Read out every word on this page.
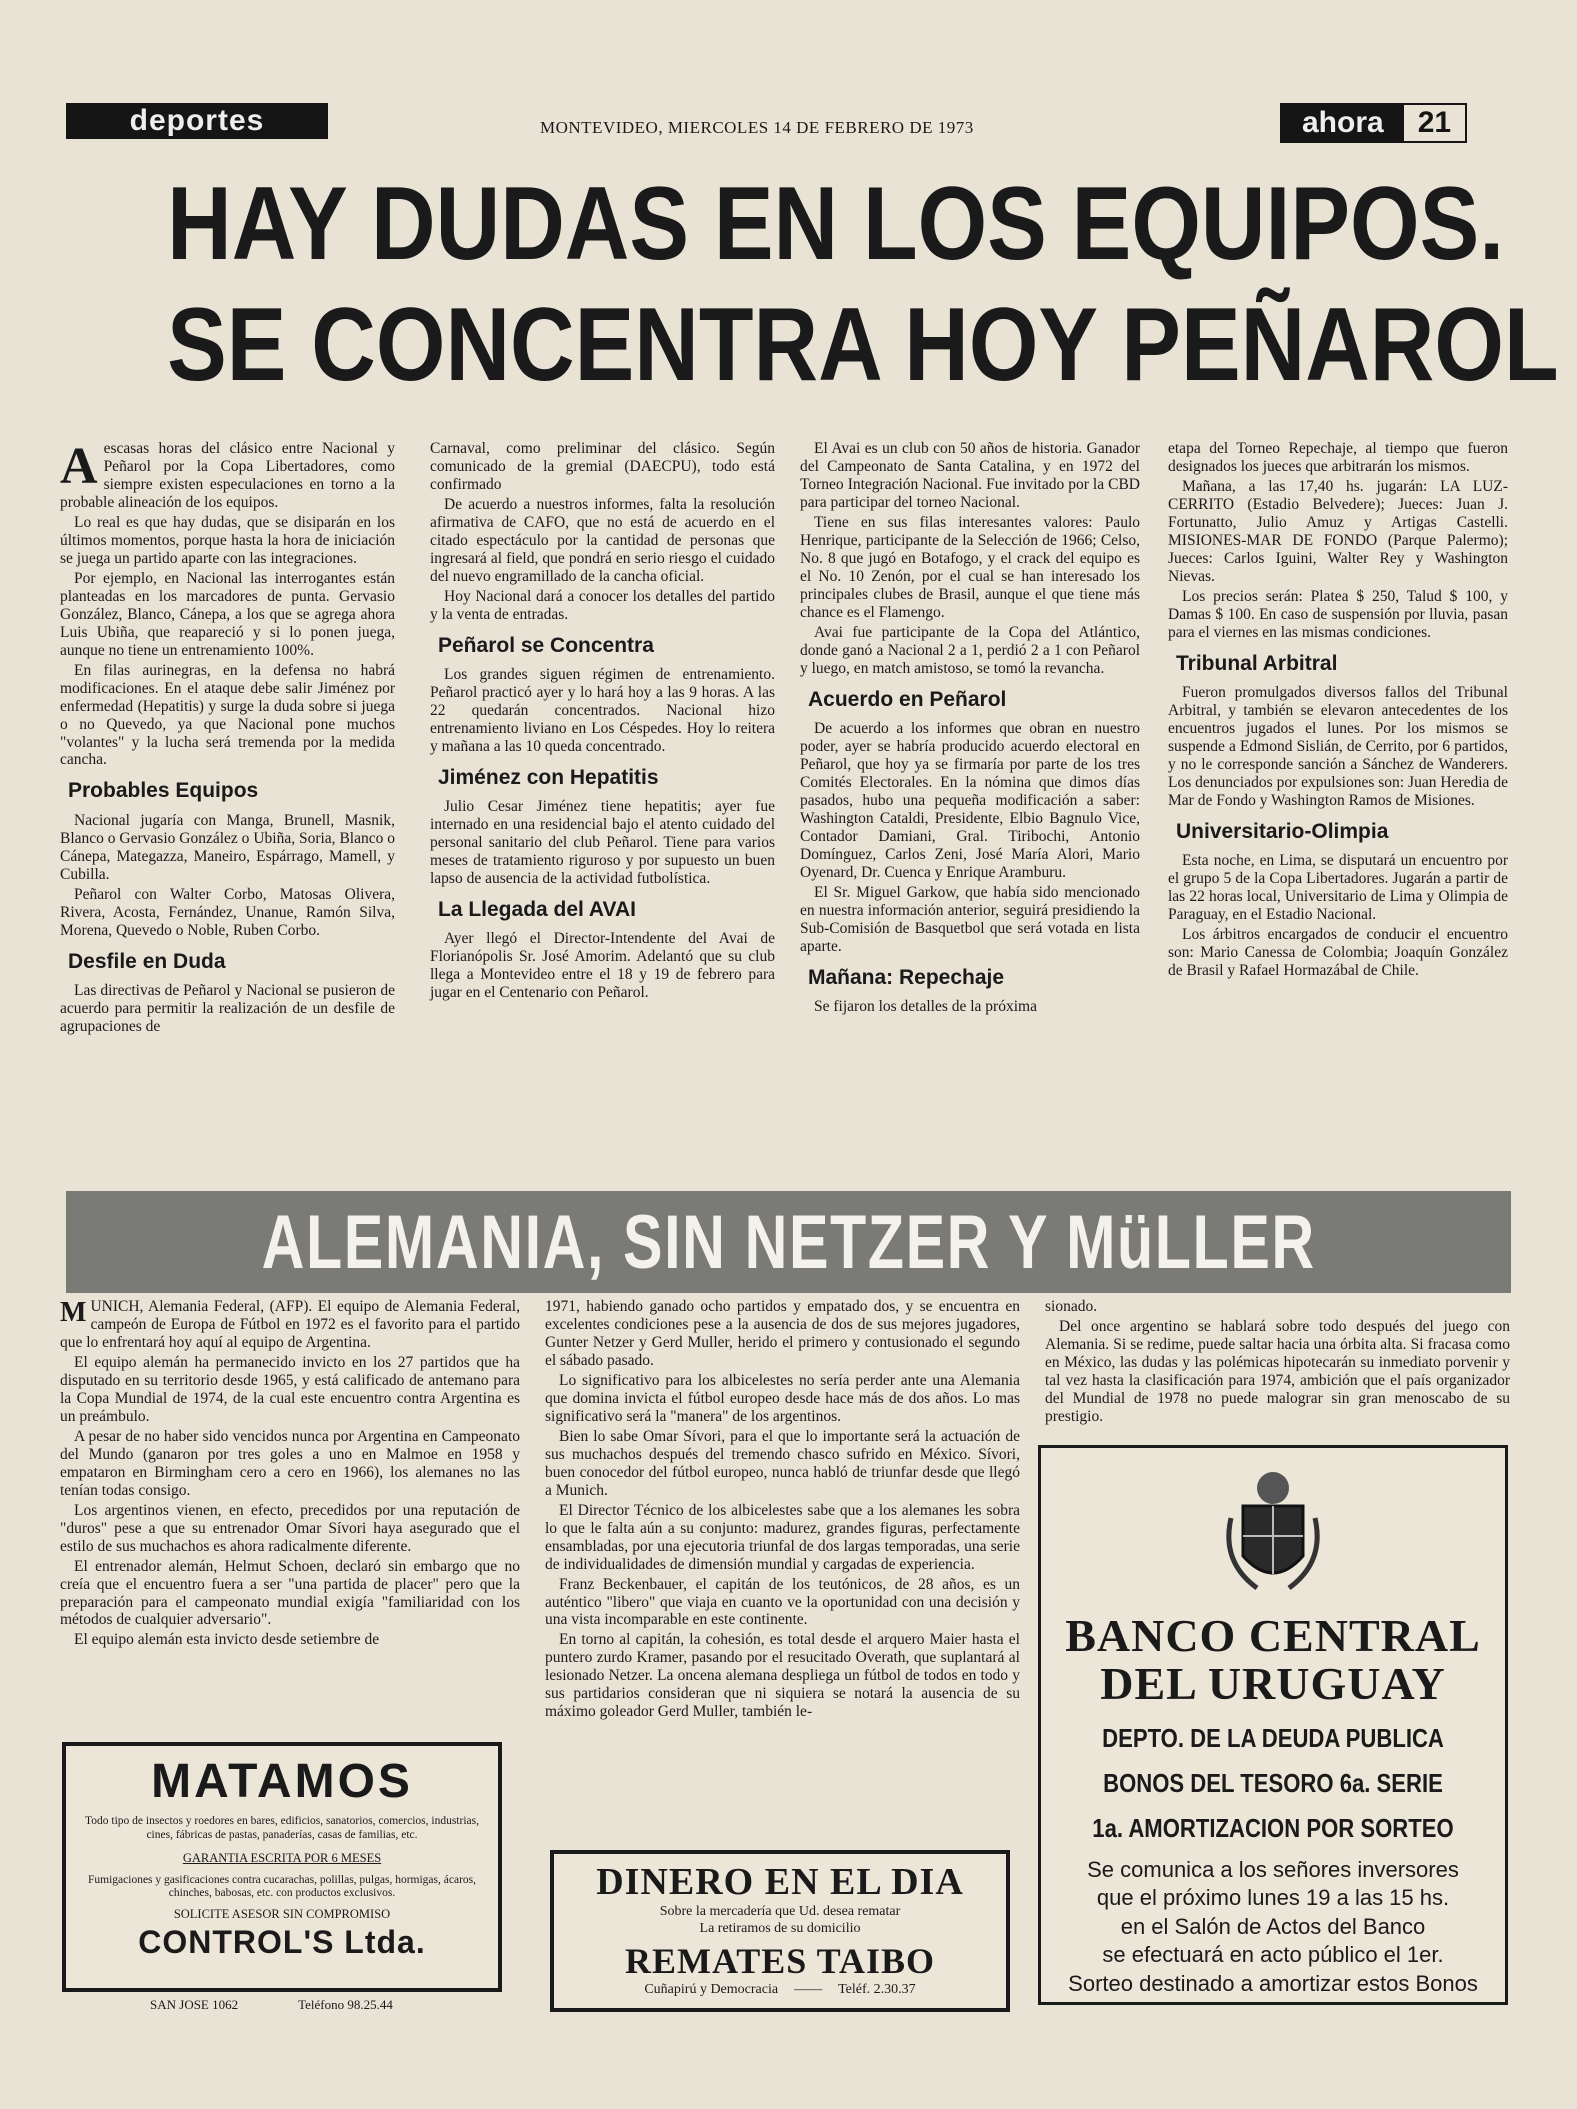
deportes	MONTEVIDEO, MIERCOLES 14 DE FEBRERO DE 1973	ahora	21
HAY DUDAS EN LOS EQUIPOS.
SE CONCENTRA HOY PEÑAROL

Aescasas horas del clásico entre Nacional y Peñarol por la Copa Libertadores, como siempre existen especulaciones en torno a la probable alineación de los equipos.

Lo real es que hay dudas, que se disiparán en los últimos momentos, porque hasta la hora de iniciación se juega un partido aparte con las integraciones.

Por ejemplo, en Nacional las interrogantes están planteadas en los marcadores de punta. Gervasio González, Blanco, Cánepa, a los que se agrega ahora Luis Ubiña, que reapareció y si lo ponen juega, aunque no tiene un entrenamiento 100%.

En filas aurinegras, en la defensa no habrá modificaciones. En el ataque debe salir Jiménez por enfermedad (Hepatitis) y surge la duda sobre si juega o no Quevedo, ya que Nacional pone muchos "volantes" y la lucha será tremenda por la medida cancha.

Probables Equipos

Nacional jugaría con Manga, Brunell, Masnik, Blanco o Gervasio González o Ubiña, Soria, Blanco o Cánepa, Mategazza, Maneiro, Espárrago, Mamell, y Cubilla.

Peñarol con Walter Corbo, Matosas Olivera, Rivera, Acosta, Fernández, Unanue, Ramón Silva, Morena, Quevedo o Noble, Ruben Corbo.

Desfile en Duda

Las directivas de Peñarol y Nacional se pusieron de acuerdo para permitir la realización de un desfile de agrupaciones de

Carnaval, como preliminar del clásico. Según comunicado de la gremial (DAECPU), todo está confirmado

De acuerdo a nuestros informes, falta la resolución afirmativa de CAFO, que no está de acuerdo en el citado espectáculo por la cantidad de personas que ingresará al field, que pondrá en serio riesgo el cuidado del nuevo engramillado de la cancha oficial.

Hoy Nacional dará a conocer los detalles del partido y la venta de entradas.

Peñarol se Concentra

Los grandes siguen régimen de entrenamiento. Peñarol practicó ayer y lo hará hoy a las 9 horas. A las 22 quedarán concentrados. Nacional hizo entrenamiento liviano en Los Céspedes. Hoy lo reitera y mañana a las 10 queda concentrado.

Jiménez con Hepatitis

Julio Cesar Jiménez tiene hepatitis; ayer fue internado en una residencial bajo el atento cuidado del personal sanitario del club Peñarol. Tiene para varios meses de tratamiento riguroso y por supuesto un buen lapso de ausencia de la actividad futbolística.

La Llegada del AVAI

Ayer llegó el Director-Intendente del Avai de Florianópolis Sr. José Amorim. Adelantó que su club llega a Montevideo entre el 18 y 19 de febrero para jugar en el Centenario con Peñarol.

El Avai es un club con 50 años de historia. Ganador del Campeonato de Santa Catalina, y en 1972 del Torneo Integración Nacional. Fue invitado por la CBD para participar del torneo Nacional.

Tiene en sus filas interesantes valores: Paulo Henrique, participante de la Selección de 1966; Celso, No. 8 que jugó en Botafogo, y el crack del equipo es el No. 10 Zenón, por el cual se han interesado los principales clubes de Brasil, aunque el que tiene más chance es el Flamengo.

Avai fue participante de la Copa del Atlántico, donde ganó a Nacional 2 a 1, perdió 2 a 1 con Peñarol y luego, en match amistoso, se tomó la revancha.

Acuerdo en Peñarol

De acuerdo a los informes que obran en nuestro poder, ayer se habría producido acuerdo electoral en Peñarol, que hoy ya se firmaría por parte de los tres Comités Electorales. En la nómina que dimos días pasados, hubo una pequeña modificación a saber: Washington Cataldi, Presidente, Elbio Bagnulo Vice, Contador Damiani, Gral. Tiribochi, Antonio Domínguez, Carlos Zeni, José María Alori, Mario Oyenard, Dr. Cuenca y Enrique Aramburu.

El Sr. Miguel Garkow, que había sido mencionado en nuestra información anterior, seguirá presidiendo la Sub-Comisión de Basquetbol que será votada en lista aparte.

Mañana: Repechaje

Se fijaron los detalles de la próxima

etapa del Torneo Repechaje, al tiempo que fueron designados los jueces que arbitrarán los mismos.

Mañana, a las 17,40 hs. jugarán: LA LUZ-CERRITO (Estadio Belvedere); Jueces: Juan J. Fortunatto, Julio Amuz y Artigas Castelli. MISIONES-MAR DE FONDO (Parque Palermo); Jueces: Carlos Iguini, Walter Rey y Washington Nievas.

Los precios serán: Platea $ 250, Talud $ 100, y Damas $ 100. En caso de suspensión por lluvia, pasan para el viernes en las mismas condiciones.

Tribunal Arbitral

Fueron promulgados diversos fallos del Tribunal Arbitral, y también se elevaron antecedentes de los encuentros jugados el lunes. Por los mismos se suspende a Edmond Sislián, de Cerrito, por 6 partidos, y no le corresponde sanción a Sánchez de Wanderers. Los denunciados por expulsiones son: Juan Heredia de Mar de Fondo y Washington Ramos de Misiones.

Universitario-Olimpia

Esta noche, en Lima, se disputará un encuentro por el grupo 5 de la Copa Libertadores. Jugarán a partir de las 22 horas local, Universitario de Lima y Olimpia de Paraguay, en el Estadio Nacional.

Los árbitros encargados de conducir el encuentro son: Mario Canessa de Colombia; Joaquín González de Brasil y Rafael Hormazábal de Chile.

ALEMANIA, SIN NETZER Y MüLLER

MUNICH, Alemania Federal, (AFP). El equipo de Alemania Federal, campeón de Europa de Fútbol en 1972 es el favorito para el partido que lo enfrentará hoy aquí al equipo de Argentina.

El equipo alemán ha permanecido invicto en los 27 partidos que ha disputado en su territorio desde 1965, y está calificado de antemano para la Copa Mundial de 1974, de la cual este encuentro contra Argentina es un preámbulo.

A pesar de no haber sido vencidos nunca por Argentina en Campeonato del Mundo (ganaron por tres goles a uno en Malmoe en 1958 y empataron en Birmingham cero a cero en 1966), los alemanes no las tenían todas consigo.

Los argentinos vienen, en efecto, precedidos por una reputación de "duros" pese a que su entrenador Omar Sívori haya asegurado que el estilo de sus muchachos es ahora radicalmente diferente.

El entrenador alemán, Helmut Schoen, declaró sin embargo que no creía que el encuentro fuera a ser "una partida de placer" pero que la preparación para el campeonato mundial exigía "familiaridad con los métodos de cualquier adversario".

El equipo alemán esta invicto desde setiembre de

1971, habiendo ganado ocho partidos y empatado dos, y se encuentra en excelentes condiciones pese a la ausencia de dos de sus mejores jugadores, Gunter Netzer y Gerd Muller, herido el primero y contusionado el segundo el sábado pasado.

Lo significativo para los albicelestes no sería perder ante una Alemania que domina invicta el fútbol europeo desde hace más de dos años. Lo mas significativo será la "manera" de los argentinos.

Bien lo sabe Omar Sívori, para el que lo importante será la actuación de sus muchachos después del tremendo chasco sufrido en México. Sívori, buen conocedor del fútbol europeo, nunca habló de triunfar desde que llegó a Munich.

El Director Técnico de los albicelestes sabe que a los alemanes les sobra lo que le falta aún a su conjunto: madurez, grandes figuras, perfectamente ensambladas, por una ejecutoria triunfal de dos largas temporadas, una serie de individualidades de dimensión mundial y cargadas de experiencia.

Franz Beckenbauer, el capitán de los teutónicos, de 28 años, es un auténtico "libero" que viaja en cuanto ve la oportunidad con una decisión y una vista incomparable en este continente.

En torno al capitán, la cohesión, es total desde el arquero Maier hasta el puntero zurdo Kramer, pasando por el resucitado Overath, que suplantará al lesionado Netzer. La oncena alemana despliega un fútbol de todos en todo y sus partidarios consideran que ni siquiera se notará la ausencia de su máximo goleador Gerd Muller, también le-

sionado.

Del once argentino se hablará sobre todo después del juego con Alemania. Si se redime, puede saltar hacia una órbita alta. Si fracasa como en México, las dudas y las polémicas hipotecarán su inmediato porvenir y tal vez hasta la clasificación para 1974, ambición que el país organizador del Mundial de 1978 no puede malograr sin gran menoscabo de su prestigio.

MATAMOS
Todo tipo de insectos y roedores en bares, edificios, sanatorios, comercios, industrias, cines, fábricas de pastas, panaderías, casas de familias, etc.
GARANTIA ESCRITA POR 6 MESES
Fumigaciones y gasificaciones contra cucarachas, polillas, pulgas, hormigas, ácaros, chinches, babosas, etc. con productos exclusivos.
SOLICITE ASESOR SIN COMPROMISO
CONTROL'S Ltda.
SAN JOSE 1062	Teléfono 98.25.44
DINERO EN EL DIA
Sobre la mercadería que Ud. desea rematar
La retiramos de su domicilio
REMATES TAIBO
Cuñapirú y Democracia —— Teléf. 2.30.37
BANCO CENTRAL
DEL URUGUAY
DEPTO. DE LA DEUDA PUBLICA
BONOS DEL TESORO 6a. SERIE
1a. AMORTIZACION POR SORTEO
Se comunica a los señores inversores
que el próximo lunes 19 a las 15 hs.
en el Salón de Actos del Banco
se efectuará en acto público el 1er.
Sorteo destinado a amortizar estos Bonos
